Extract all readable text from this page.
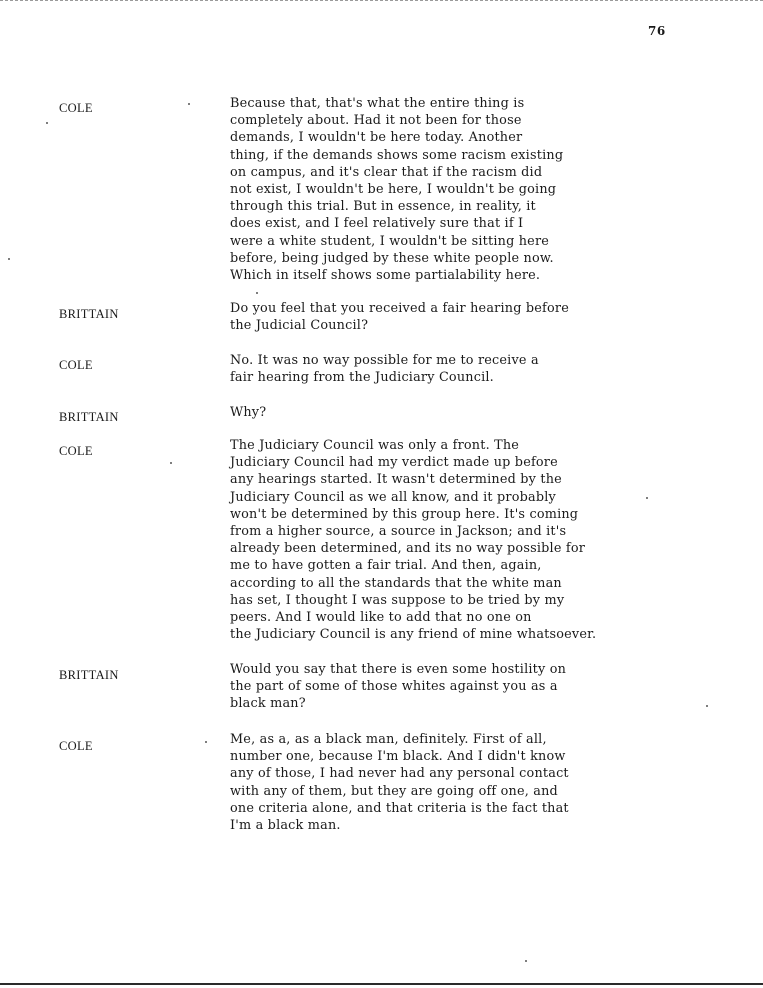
76
COLE	Because that, that's what the entire thing is
completely about. Had it not been for those
demands, I wouldn't be here today. Another
thing, if the demands shows some racism existing
on campus, and it's clear that if the racism did
not exist, I wouldn't be here, I wouldn't be going
through this trial. But in essence, in reality, it
does exist, and I feel relatively sure that if I
were a white student, I wouldn't be sitting here
before, being judged by these white people now.
Which in itself shows some partialability here.
BRITTAIN	Do you feel that you received a fair hearing before
the Judicial Council?
COLE	No. It was no way possible for me to receive a
fair hearing from the Judiciary Council.
BRITTAIN	Why?
COLE	The Judiciary Council was only a front. The
Judiciary Council had my verdict made up before
any hearings started. It wasn't determined by the
Judiciary Council as we all know, and it probably
won't be determined by this group here. It's coming
from a higher source, a source in Jackson; and it's
already been determined, and its no way possible for
me to have gotten a fair trial. And then, again,
according to all the standards that the white man
has set, I thought I was suppose to be tried by my
peers. And I would like to add that no one on
the Judiciary Council is any friend of mine whatsoever.
BRITTAIN	Would you say that there is even some hostility on
the part of some of those whites against you as a
black man?
COLE	Me, as a, as a black man, definitely. First of all,
number one, because I'm black. And I didn't know
any of those, I had never had any personal contact
with any of them, but they are going off one, and
one criteria alone, and that criteria is the fact that
I'm a black man.
